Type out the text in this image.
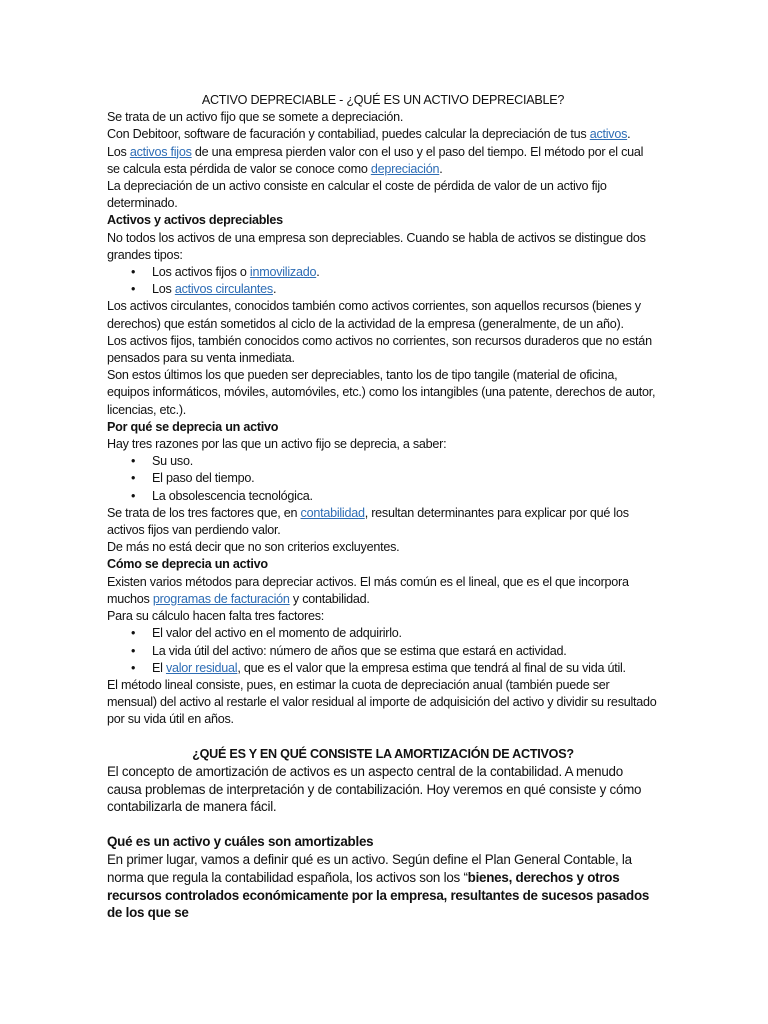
ACTIVO DEPRECIABLE - ¿QUÉ ES UN ACTIVO DEPRECIABLE?

Se trata de un activo fijo que se somete a depreciación.

Con Debitoor, software de facuración y contabiliad, puedes calcular la depreciación de tus activos.

Los activos fijos de una empresa pierden valor con el uso y el paso del tiempo. El método por el cual se calcula esta pérdida de valor se conoce como depreciación.

La depreciación de un activo consiste en calcular el coste de pérdida de valor de un activo fijo determinado.

Activos y activos depreciables

No todos los activos de una empresa son depreciables. Cuando se habla de activos se distingue dos grandes tipos:

• Los activos fijos o inmovilizado.
• Los activos circulantes.

Los activos circulantes, conocidos también como activos corrientes, son aquellos recursos (bienes y derechos) que están sometidos al ciclo de la actividad de la empresa (generalmente, de un año).

Los activos fijos, también conocidos como activos no corrientes, son recursos duraderos que no están pensados para su venta inmediata.

Son estos últimos los que pueden ser depreciables, tanto los de tipo tangile (material de oficina, equipos informáticos, móviles, automóviles, etc.) como los intangibles (una patente, derechos de autor, licencias, etc.).

Por qué se deprecia un activo

Hay tres razones por las que un activo fijo se deprecia, a saber:

• Su uso.
• El paso del tiempo.
• La obsolescencia tecnológica.

Se trata de los tres factores que, en contabilidad, resultan determinantes para explicar por qué los activos fijos van perdiendo valor.

De más no está decir que no son criterios excluyentes.

Cómo se deprecia un activo

Existen varios métodos para depreciar activos. El más común es el lineal, que es el que incorpora muchos programas de facturación y contabilidad.

Para su cálculo hacen falta tres factores:

• El valor del activo en el momento de adquirirlo.
• La vida útil del activo: número de años que se estima que estará en actividad.
• El valor residual, que es el valor que la empresa estima que tendrá al final de su vida útil.

El método lineal consiste, pues, en estimar la cuota de depreciación anual (también puede ser mensual) del activo al restarle el valor residual al importe de adquisición del activo y dividir su resultado por su vida útil en años.

¿QUÉ ES Y EN QUÉ CONSISTE LA AMORTIZACIÓN DE ACTIVOS?

El concepto de amortización de activos es un aspecto central de la contabilidad. A menudo causa problemas de interpretación y de contabilización. Hoy veremos en qué consiste y cómo contabilizarla de manera fácil.

Qué es un activo y cuáles son amortizables

En primer lugar, vamos a definir qué es un activo. Según define el Plan General Contable, la norma que regula la contabilidad española, los activos son los “bienes, derechos y otros recursos controlados económicamente por la empresa, resultantes de sucesos pasados de los que se
